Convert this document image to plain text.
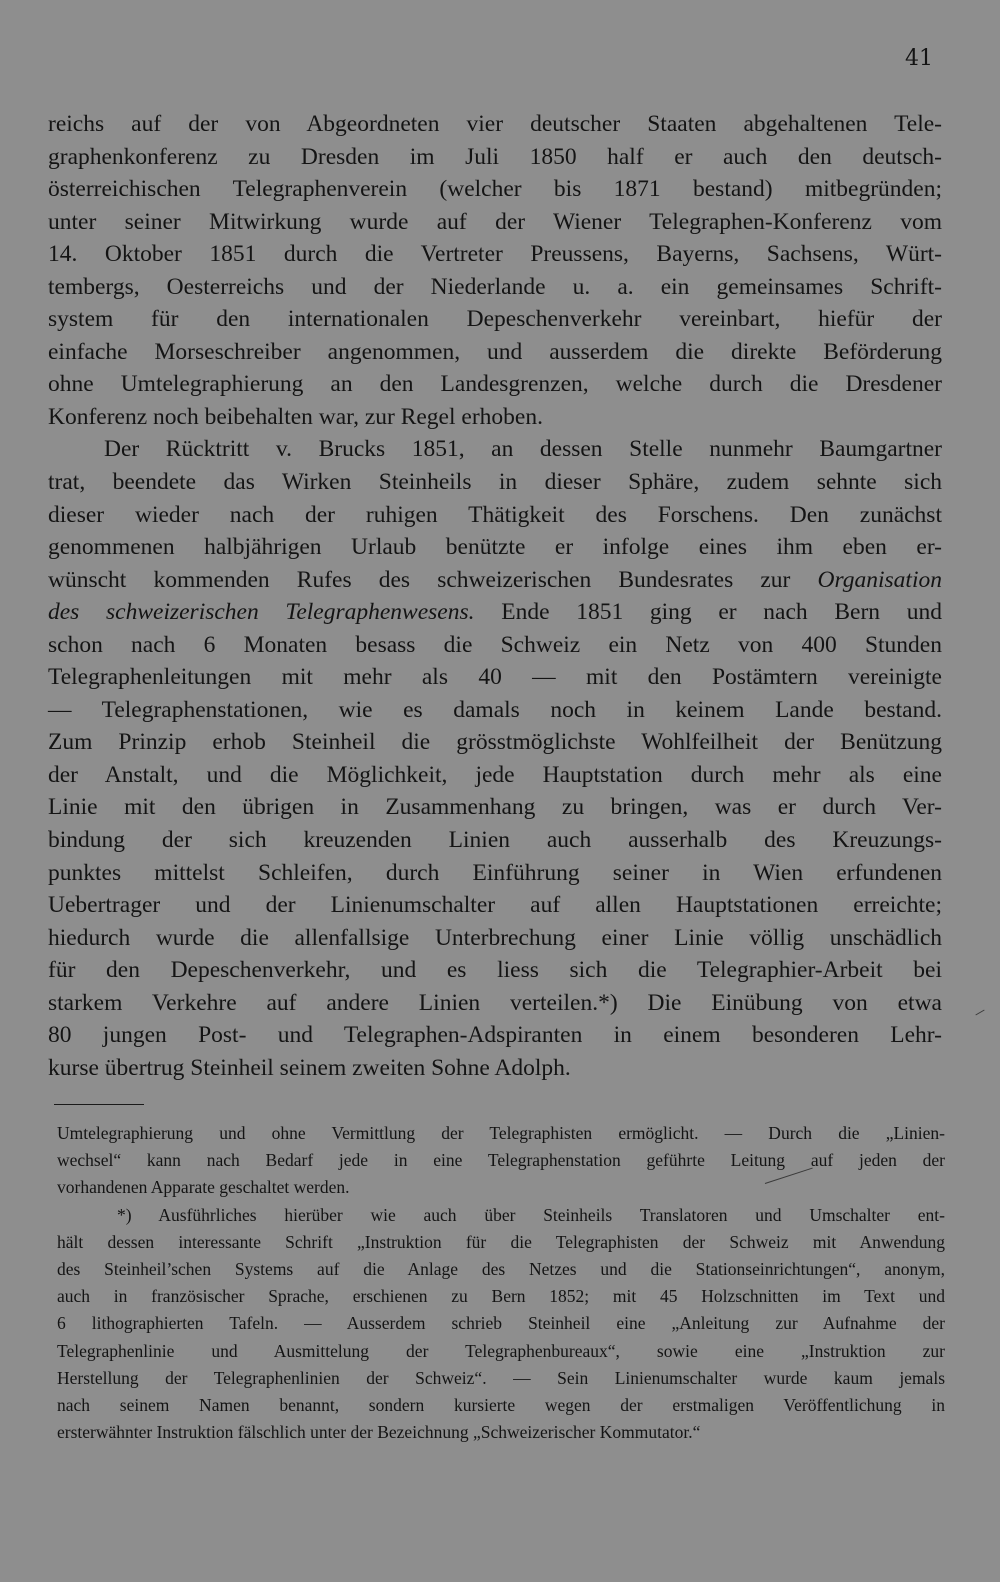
41
reichs auf der von Abgeordneten vier deutscher Staaten abgehaltenen Tele-
graphenkonferenz zu Dresden im Juli 1850 half er auch den deutsch-
österreichischen Telegraphenverein (welcher bis 1871 bestand) mitbegründen;
unter seiner Mitwirkung wurde auf der Wiener Telegraphen-Konferenz vom
14. Oktober 1851 durch die Vertreter Preussens, Bayerns, Sachsens, Würt-
tembergs, Oesterreichs und der Niederlande u. a. ein gemeinsames Schrift-
system für den internationalen Depeschenverkehr vereinbart, hiefür der
einfache Morseschreiber angenommen, und ausserdem die direkte Beförderung
ohne Umtelegraphierung an den Landesgrenzen, welche durch die Dresdener
Konferenz noch beibehalten war, zur Regel erhoben.
Der Rücktritt v. Brucks 1851, an dessen Stelle nunmehr Baumgartner
trat, beendete das Wirken Steinheils in dieser Sphäre, zudem sehnte sich
dieser wieder nach der ruhigen Thätigkeit des Forschens. Den zunächst
genommenen halbjährigen Urlaub benützte er infolge eines ihm eben er-
wünscht kommenden Rufes des schweizerischen Bundesrates zur Organisation
des schweizerischen Telegraphenwesens. Ende 1851 ging er nach Bern und
schon nach 6 Monaten besass die Schweiz ein Netz von 400 Stunden
Telegraphenleitungen mit mehr als 40 — mit den Postämtern vereinigte
— Telegraphenstationen, wie es damals noch in keinem Lande bestand.
Zum Prinzip erhob Steinheil die grösstmöglichste Wohlfeilheit der Benützung
der Anstalt, und die Möglichkeit, jede Hauptstation durch mehr als eine
Linie mit den übrigen in Zusammenhang zu bringen, was er durch Ver-
bindung der sich kreuzenden Linien auch ausserhalb des Kreuzungs-
punktes mittelst Schleifen, durch Einführung seiner in Wien erfundenen
Uebertrager und der Linienumschalter auf allen Hauptstationen erreichte;
hiedurch wurde die allenfallsige Unterbrechung einer Linie völlig unschädlich
für den Depeschenverkehr, und es liess sich die Telegraphier-Arbeit bei
starkem Verkehre auf andere Linien verteilen.*) Die Einübung von etwa
80 jungen Post- und Telegraphen-Adspiranten in einem besonderen Lehr-
kurse übertrug Steinheil seinem zweiten Sohne Adolph.
Umtelegraphierung und ohne Vermittlung der Telegraphisten ermöglicht. — Durch die „Linien-
wechsel“ kann nach Bedarf jede in eine Telegraphenstation geführte Leitung auf jeden der
vorhandenen Apparate geschaltet werden.
*) Ausführliches hierüber wie auch über Steinheils Translatoren und Umschalter ent-
hält dessen interessante Schrift „Instruktion für die Telegraphisten der Schweiz mit Anwendung
des Steinheil’schen Systems auf die Anlage des Netzes und die Stationseinrichtungen“, anonym,
auch in französischer Sprache, erschienen zu Bern 1852; mit 45 Holzschnitten im Text und
6 lithographierten Tafeln. — Ausserdem schrieb Steinheil eine „Anleitung zur Aufnahme der
Telegraphenlinie und Ausmittelung der Telegraphenbureaux“, sowie eine „Instruktion zur
Herstellung der Telegraphenlinien der Schweiz“. — Sein Linienumschalter wurde kaum jemals
nach seinem Namen benannt, sondern kursierte wegen der erstmaligen Veröffentlichung in
ersterwähnter Instruktion fälschlich unter der Bezeichnung „Schweizerischer Kommutator.“
